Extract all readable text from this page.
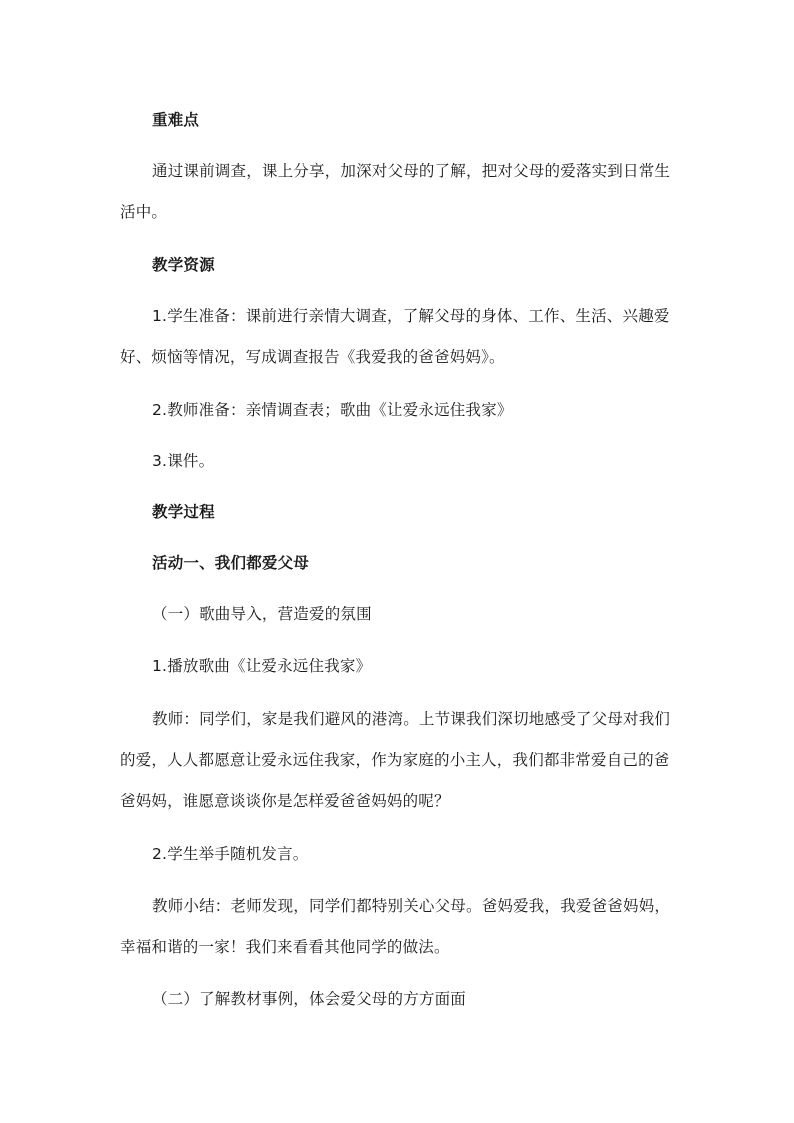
重难点
通过课前调查，课上分享，加深对父母的了解，把对父母的爱落实到日常生
活中。
教学资源
1.学生准备：课前进行亲情大调查，了解父母的身体、工作、生活、兴趣爱
好、烦恼等情况，写成调查报告《我爱我的爸爸妈妈》。
2.教师准备：亲情调查表；歌曲《让爱永远住我家》
3.课件。
教学过程
活动一、我们都爱父母
（一）歌曲导入，营造爱的氛围
1.播放歌曲《让爱永远住我家》
教师：同学们，家是我们避风的港湾。上节课我们深切地感受了父母对我们
的爱，人人都愿意让爱永远住我家，作为家庭的小主人，我们都非常爱自己的爸
爸妈妈，谁愿意谈谈你是怎样爱爸爸妈妈的呢？
2.学生举手随机发言。
教师小结：老师发现，同学们都特别关心父母。爸妈爱我，我爱爸爸妈妈，
幸福和谐的一家！我们来看看其他同学的做法。
（二）了解教材事例，体会爱父母的方方面面
